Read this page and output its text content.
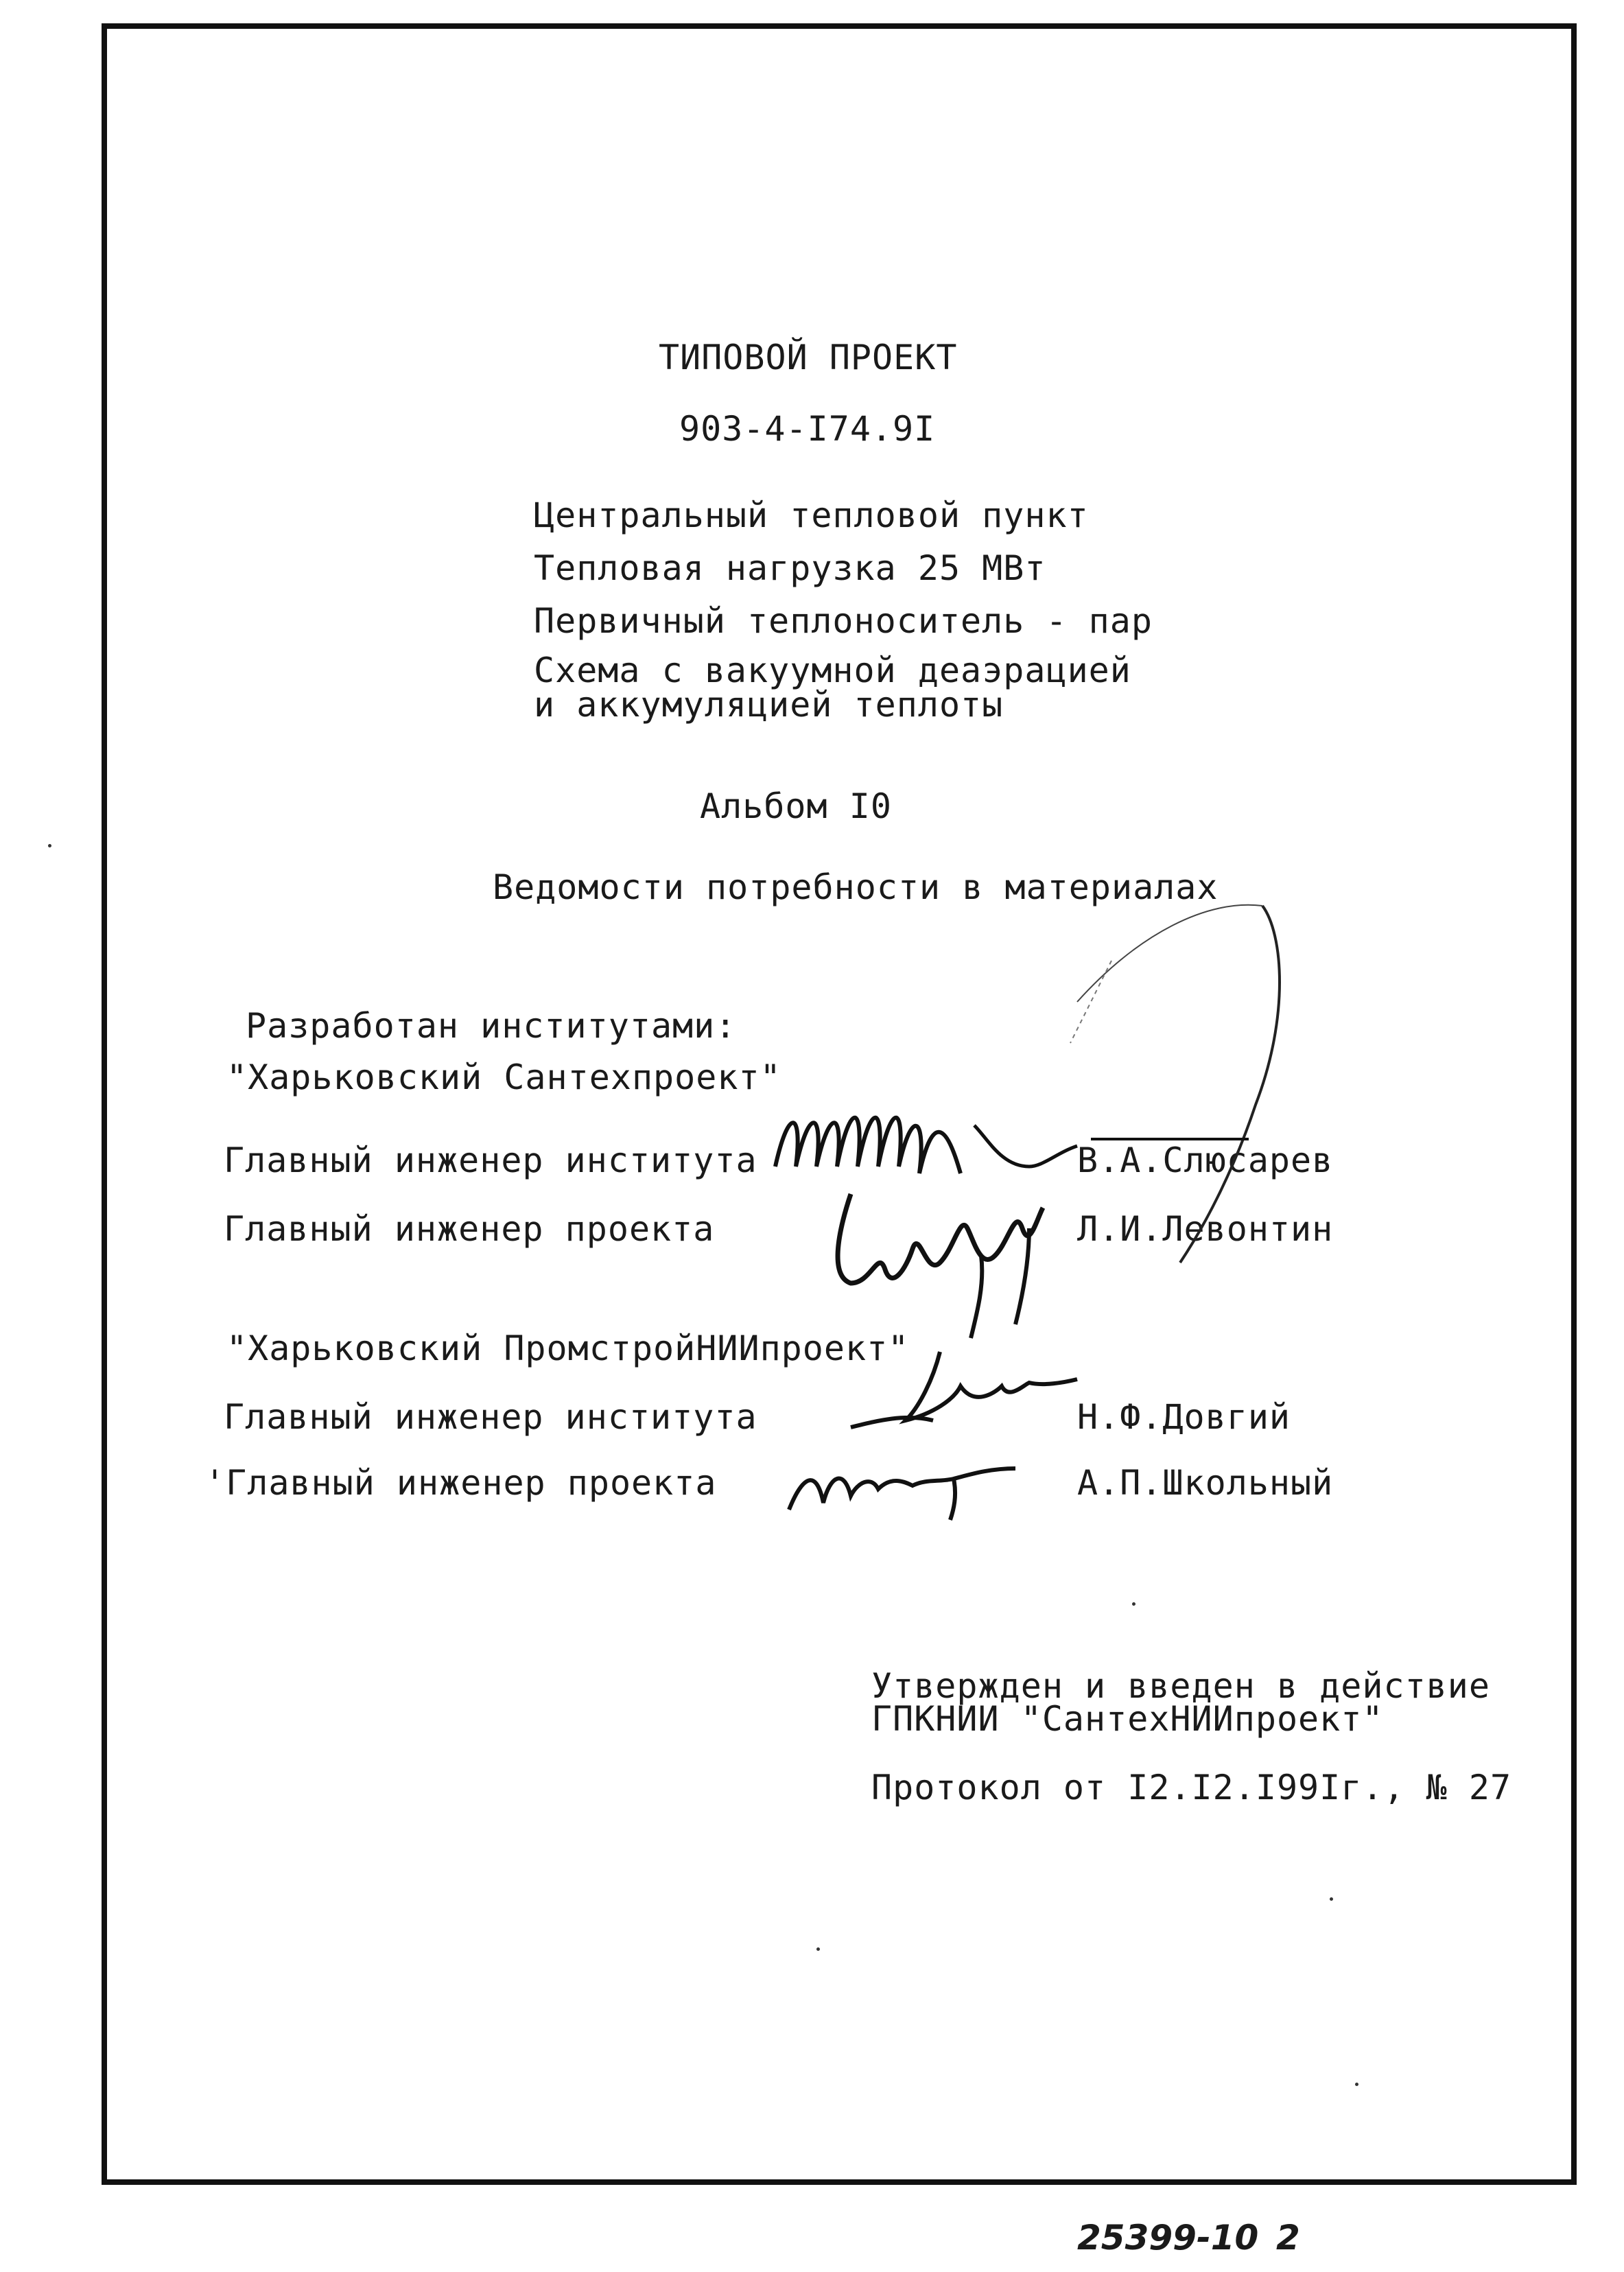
ТИПОВОЙ ПРОЕКТ
903-4-I74.9I
Центральный тепловой пункт
Тепловая нагрузка 25 МВт
Первичный теплоноситель - пар
Схема с вакуумной деаэрацией
и аккумуляцией теплоты
Альбом I0
Ведомости потребности в материалах
Разработан институтами:
"Харьковский Сантехпроект"
Главный инженер института	В.А.Слюсарев
Главный инженер проекта	Л.И.Левонтин
"Харьковский ПромстройНИИпроект"
Главный инженер института	Н.Ф.Довгий
'Главный инженер проекта	А.П.Школьный
Утвержден и введен в действие
ГПКНИИ "СантехНИИпроект"
Протокол от I2.I2.I99Iг., № 27
25399-10 2
